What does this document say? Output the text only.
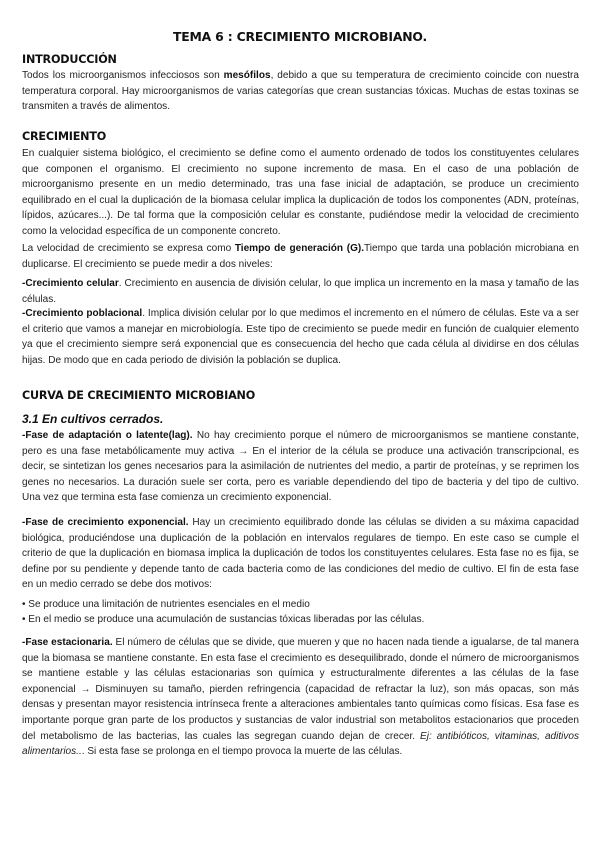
TEMA 6 : CRECIMIENTO MICROBIANO.
INTRODUCCIÓN
Todos los microorganismos infecciosos son mesófilos, debido a que su temperatura de crecimiento coincide con nuestra temperatura corporal. Hay microorganismos de varias categorías que crean sustancias tóxicas. Muchas de estas toxinas se transmiten a través de alimentos.
CRECIMIENTO
En cualquier sistema biológico, el crecimiento se define como el aumento ordenado de todos los constituyentes celulares que componen el organismo. El crecimiento no supone incremento de masa. En el caso de una población de microorganismo presente en un medio determinado, tras una fase inicial de adaptación, se produce un crecimiento equilibrado en el cual la duplicación de la biomasa celular implica la duplicación de todos los componentes (ADN, proteínas, lípidos, azúcares...). De tal forma que la composición celular es constante, pudiéndose medir la velocidad de crecimiento como la velocidad específica de un componente concreto.
La velocidad de crecimiento se expresa como Tiempo de generación (G).Tiempo que tarda una población microbiana en duplicarse. El crecimiento se puede medir a dos niveles:
-Crecimiento celular. Crecimiento en ausencia de división celular, lo que implica un incremento en la masa y tamaño de las células.
-Crecimiento poblacional. Implica división celular por lo que medimos el incremento en el número de células. Este va a ser el criterio que vamos a manejar en microbiología. Este tipo de crecimiento se puede medir en función de cualquier elemento ya que el crecimiento siempre será exponencial que es consecuencia del hecho que cada célula al dividirse en dos células hijas. De modo que en cada periodo de división la población se duplica.
CURVA DE CRECIMIENTO MICROBIANO
3.1 En cultivos cerrados.
-Fase de adaptación o latente(lag). No hay crecimiento porque el número de microorganismos se mantiene constante, pero es una fase metabólicamente muy activa → En el interior de la célula se produce una activación transcripcional, es decir, se sintetizan los genes necesarios para la asimilación de nutrientes del medio, a partir de proteínas, y se reprimen los genes no necesarios. La duración suele ser corta, pero es variable dependiendo del tipo de bacteria y del tipo de cultivo. Una vez que termina esta fase comienza un crecimiento exponencial.
-Fase de crecimiento exponencial. Hay un crecimiento equilibrado donde las células se dividen a su máxima capacidad biológica, produciéndose una duplicación de la población en intervalos regulares de tiempo. En este caso se cumple el criterio de que la duplicación en biomasa implica la duplicación de todos los constituyentes celulares. Esta fase no es fija, se define por su pendiente y depende tanto de cada bacteria como de las condiciones del medio de cultivo. El fin de esta fase en un medio cerrado se debe dos motivos:
• Se produce una limitación de nutrientes esenciales en el medio
• En el medio se produce una acumulación de sustancias tóxicas liberadas por las células.
-Fase estacionaria. El número de células que se divide, que mueren y que no hacen nada tiende a igualarse, de tal manera que la biomasa se mantiene constante. En esta fase el crecimiento es desequilibrado, donde el número de microorganismos se mantiene estable y las células estacionarias son química y estructuralmente diferentes a las células de la fase exponencial → Disminuyen su tamaño, pierden refringencia (capacidad de refractar la luz), son más opacas, son más densas y presentan mayor resistencia intrínseca frente a alteraciones ambientales tanto químicas como físicas. Esa fase es importante porque gran parte de los productos y sustancias de valor industrial son metabolitos estacionarios que proceden del metabolismo de las bacterias, las cuales las segregan cuando dejan de crecer. Ej: antibióticos, vitaminas, aditivos alimentarios... Si esta fase se prolonga en el tiempo provoca la muerte de las células.
